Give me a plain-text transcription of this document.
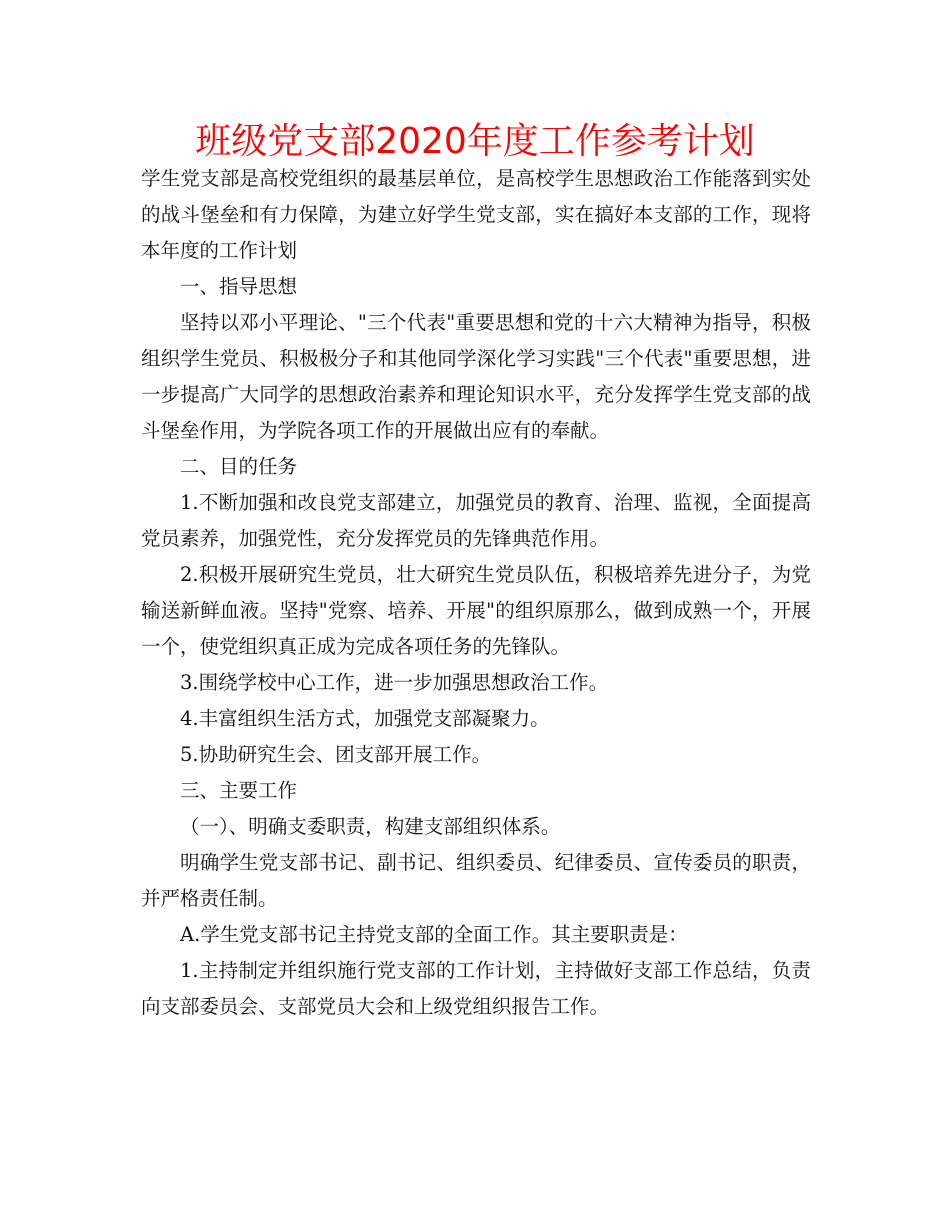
班级党支部2020年度工作参考计划

学生党支部是高校党组织的最基层单位，是高校学生思想政治工作能落到实处的战斗堡垒和有力保障，为建立好学生党支部，实在搞好本支部的工作，现将本年度的工作计划

一、指导思想

坚持以邓小平理论、"三个代表"重要思想和党的十六大精神为指导，积极组织学生党员、积极极分子和其他同学深化学习实践"三个代表"重要思想，进一步提高广大同学的思想政治素养和理论知识水平，充分发挥学生党支部的战斗堡垒作用，为学院各项工作的开展做出应有的奉献。

二、目的任务

1.不断加强和改良党支部建立，加强党员的教育、治理、监视，全面提高党员素养，加强党性，充分发挥党员的先锋典范作用。

2.积极开展研究生党员，壮大研究生党员队伍，积极培养先进分子，为党输送新鲜血液。坚持"党察、培养、开展"的组织原那么，做到成熟一个，开展一个，使党组织真正成为完成各项任务的先锋队。

3.围绕学校中心工作，进一步加强思想政治工作。

4.丰富组织生活方式，加强党支部凝聚力。

5.协助研究生会、团支部开展工作。

三、主要工作

（一）、明确支委职责，构建支部组织体系。

明确学生党支部书记、副书记、组织委员、纪律委员、宣传委员的职责，并严格责任制。

A.学生党支部书记主持党支部的全面工作。其主要职责是：

1.主持制定并组织施行党支部的工作计划，主持做好支部工作总结，负责向支部委员会、支部党员大会和上级党组织报告工作。
